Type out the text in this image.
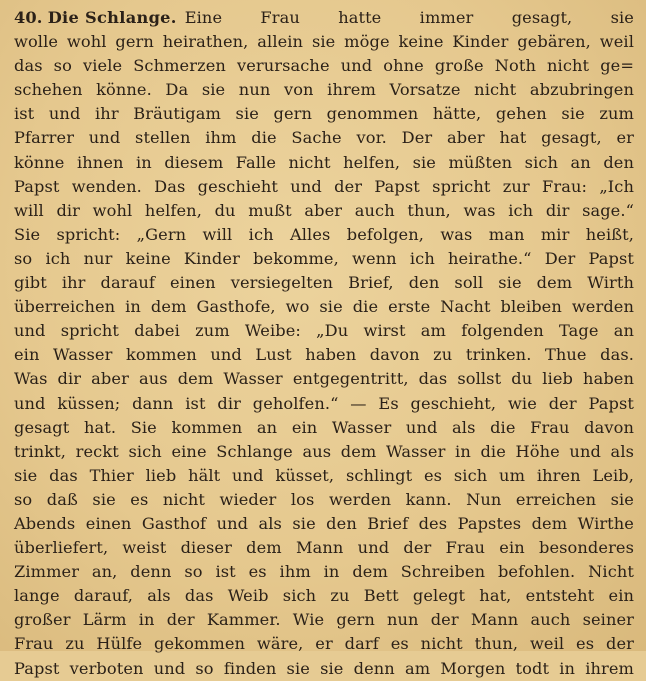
40. Die Schlange. Eine Frau hatte immer gesagt, sie
wolle wohl gern heirathen, allein sie möge keine Kinder gebären, weil
das so viele Schmerzen verursache und ohne große Noth nicht ge=
schehen könne. Da sie nun von ihrem Vorsatze nicht abzubringen
ist und ihr Bräutigam sie gern genommen hätte, gehen sie zum
Pfarrer und stellen ihm die Sache vor. Der aber hat gesagt, er
könne ihnen in diesem Falle nicht helfen, sie müßten sich an den
Papst wenden. Das geschieht und der Papst spricht zur Frau: „Ich
will dir wohl helfen, du mußt aber auch thun, was ich dir sage.“
Sie spricht: „Gern will ich Alles befolgen, was man mir heißt,
so ich nur keine Kinder bekomme, wenn ich heirathe.“ Der Papst
gibt ihr darauf einen versiegelten Brief, den soll sie dem Wirth
überreichen in dem Gasthofe, wo sie die erste Nacht bleiben werden
und spricht dabei zum Weibe: „Du wirst am folgenden Tage an
ein Wasser kommen und Lust haben davon zu trinken. Thue das.
Was dir aber aus dem Wasser entgegentritt, das sollst du lieb haben
und küssen; dann ist dir geholfen.“ — Es geschieht, wie der Papst
gesagt hat. Sie kommen an ein Wasser und als die Frau davon
trinkt, reckt sich eine Schlange aus dem Wasser in die Höhe und als
sie das Thier lieb hält und küsset, schlingt es sich um ihren Leib,
so daß sie es nicht wieder los werden kann. Nun erreichen sie
Abends einen Gasthof und als sie den Brief des Papstes dem Wirthe
überliefert, weist dieser dem Mann und der Frau ein besonderes
Zimmer an, denn so ist es ihm in dem Schreiben befohlen. Nicht
lange darauf, als das Weib sich zu Bett gelegt hat, entsteht ein
großer Lärm in der Kammer. Wie gern nun der Mann auch seiner
Frau zu Hülfe gekommen wäre, er darf es nicht thun, weil es der
Papst verboten und so finden sie sie denn am Morgen todt in ihrem
